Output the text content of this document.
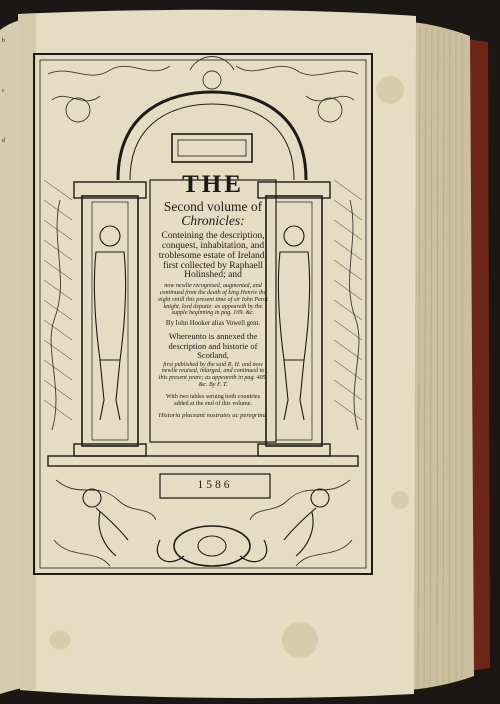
b
c
d
THE
Second volume of
Chronicles:
Conteining the description, conquest, inhabitation, and troblesome estate of Ireland; first collected by Raphaell Holinshed; and
now newlie recognised, augmented, and continued from the death of king Henrie the eight vntill this present time of sir Iohn Perot knight, lord deputie: as appeareth by the supple beginning in pag. 109. &c.
By Iohn Hooker alias Vowell gent.
Whereunto is annexed the description and historie of Scotland,
first published by the said R. H. and now newlie reuised, inlarged, and continued to this present yeare; as appeareth in pag. 405. &c. By F. T.
With two tables seruing both countries added at the end of this volume.
Historia placeant nostrates ac peregrina.
1586
